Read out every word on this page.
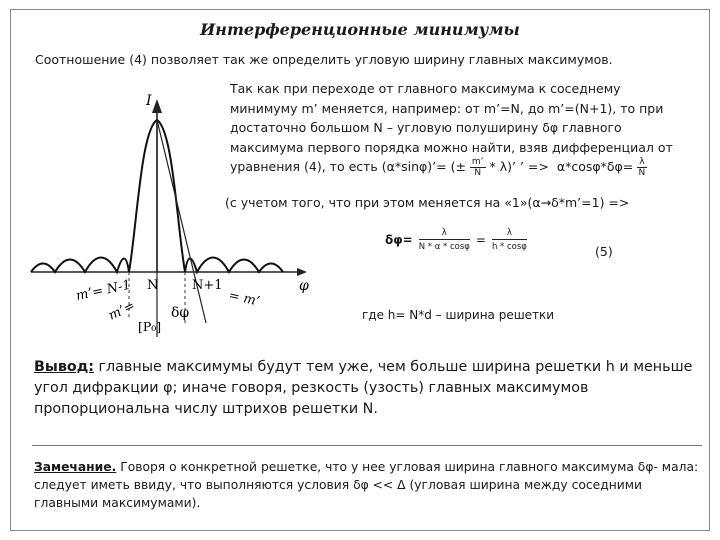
Интерференционные минимумы
Соотношение (4) позволяет так же определить угловую ширину главных максимумов.
φ
I
m’= N-1 N	N+1
= m’
m’=
[P₀]
δφ
Так как при переходе от главного максимума к соседнему
минимуму m’ меняется, например: от m’=N, до m’=(N+1), то при
достаточно большом N – угловую полуширину δφ главного
максимума первого порядка можно найти, взяв дифференциал от
уравнения (4), то есть (α*sinφ)’= (± $\frac{m’}{N} * \lambda$)’ ’ => $\alpha*\cos\varphi*\delta\varphi= \frac{\lambda}{N}$
(с учетом того, что при этом меняется на «1»(α→δ*m’=1) =>
$\delta\varphi= \frac{\lambda}{N * \alpha * \cos\varphi} = \frac{\lambda}{h * \cos\varphi}$	(5)
где h= N*d – ширина решетки
Вывод: главные максимумы будут тем уже, чем больше ширина решетки h и меньше угол дифракции φ; иначе говоря, резкость (узость) главных максимумов пропорциональна числу штрихов решетки N.
Замечание. Говоря о конкретной решетке, что у нее угловая ширина главного максимума δφ- мала: следует иметь ввиду, что выполняются условия δφ << Δ (угловая ширина между соседними главными максимумами).
